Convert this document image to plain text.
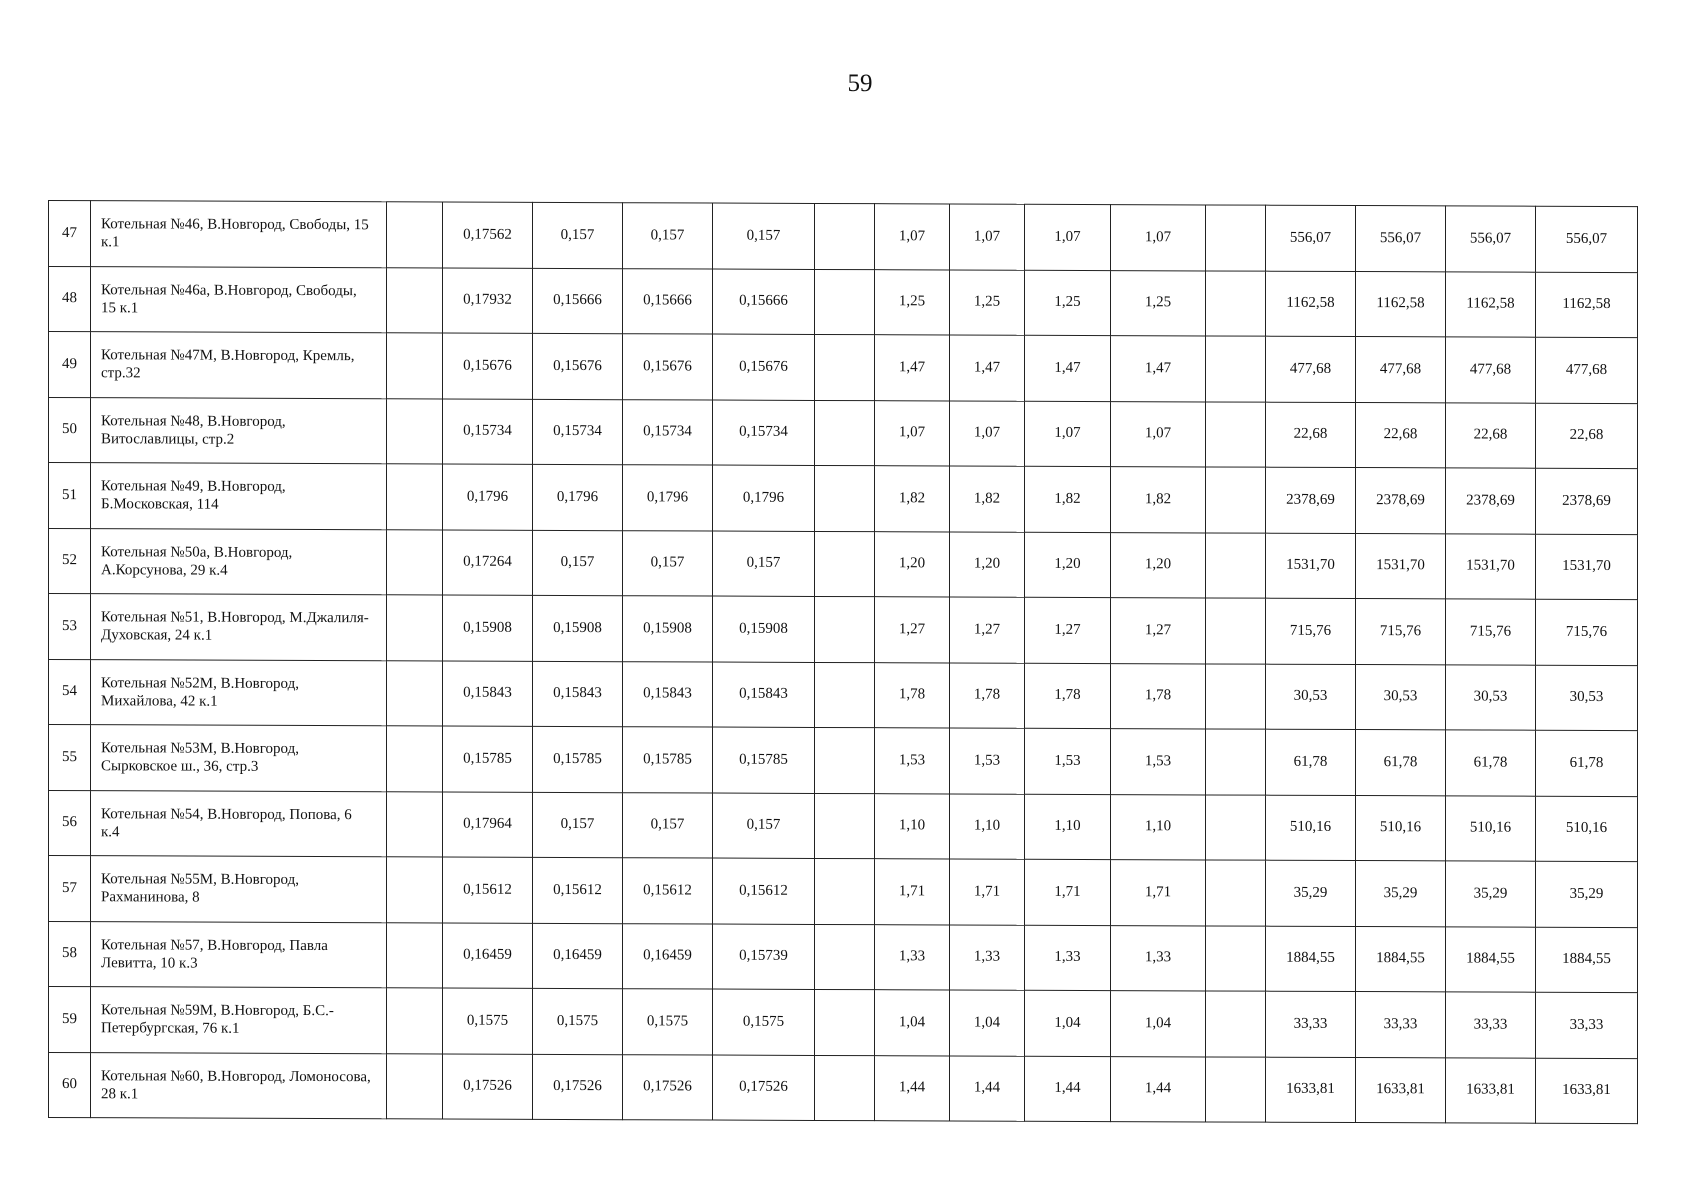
59
47	Котельная №46, В.Новгород, Свободы, 15 к.1		0,17562	0,157	0,157	0,157		1,07	1,07	1,07	1,07		556,07	556,07	556,07	556,07
48	Котельная №46а, В.Новгород, Свободы, 15 к.1		0,17932	0,15666	0,15666	0,15666		1,25	1,25	1,25	1,25		1162,58	1162,58	1162,58	1162,58
49	Котельная №47М, В.Новгород, Кремль, стр.32		0,15676	0,15676	0,15676	0,15676		1,47	1,47	1,47	1,47		477,68	477,68	477,68	477,68
50	Котельная №48, В.Новгород, Витославлицы, стр.2		0,15734	0,15734	0,15734	0,15734		1,07	1,07	1,07	1,07		22,68	22,68	22,68	22,68
51	Котельная №49, В.Новгород, Б.Московская, 114		0,1796	0,1796	0,1796	0,1796		1,82	1,82	1,82	1,82		2378,69	2378,69	2378,69	2378,69
52	Котельная №50а, В.Новгород, А.Корсунова, 29 к.4		0,17264	0,157	0,157	0,157		1,20	1,20	1,20	1,20		1531,70	1531,70	1531,70	1531,70
53	Котельная №51, В.Новгород, М.Джалиля-Духовская, 24 к.1		0,15908	0,15908	0,15908	0,15908		1,27	1,27	1,27	1,27		715,76	715,76	715,76	715,76
54	Котельная №52М, В.Новгород, Михайлова, 42 к.1		0,15843	0,15843	0,15843	0,15843		1,78	1,78	1,78	1,78		30,53	30,53	30,53	30,53
55	Котельная №53М, В.Новгород, Сырковское ш., 36, стр.3		0,15785	0,15785	0,15785	0,15785		1,53	1,53	1,53	1,53		61,78	61,78	61,78	61,78
56	Котельная №54, В.Новгород, Попова, 6 к.4		0,17964	0,157	0,157	0,157		1,10	1,10	1,10	1,10		510,16	510,16	510,16	510,16
57	Котельная №55М, В.Новгород, Рахманинова, 8		0,15612	0,15612	0,15612	0,15612		1,71	1,71	1,71	1,71		35,29	35,29	35,29	35,29
58	Котельная №57, В.Новгород, Павла Левитта, 10 к.3		0,16459	0,16459	0,16459	0,15739		1,33	1,33	1,33	1,33		1884,55	1884,55	1884,55	1884,55
59	Котельная №59М, В.Новгород, Б.С.-Петербургская, 76 к.1		0,1575	0,1575	0,1575	0,1575		1,04	1,04	1,04	1,04		33,33	33,33	33,33	33,33
60	Котельная №60, В.Новгород, Ломоносова, 28 к.1		0,17526	0,17526	0,17526	0,17526		1,44	1,44	1,44	1,44		1633,81	1633,81	1633,81	1633,81
